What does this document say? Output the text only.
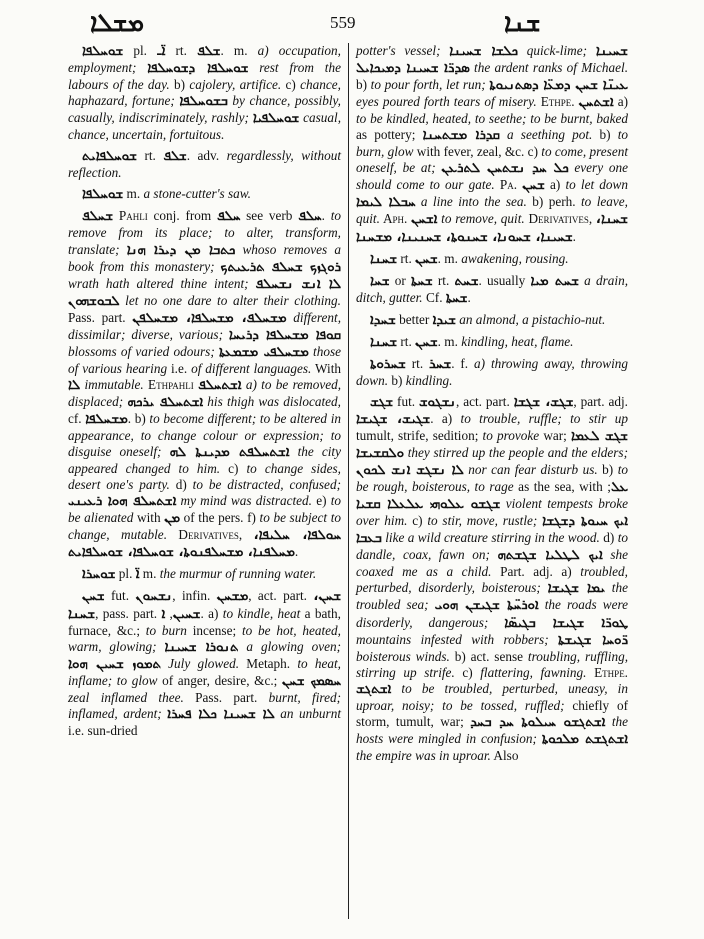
ܡܫܠܐ	559	ܫܢܐ

ܫܘܚܠܦܐ pl. ܐ̈ـ rt. ܫܠܦ. m. a) occupation, employment; ܫܘܚܠܦܐ ܕܫܘܚܠܦܐ rest from the labours of the day. b) cajolery, artifice. c) chance, haphazard, fortune; ܒܫܘܚܠܦܐ by chance, possibly, casually, indiscriminately, rashly; ܫܘܚܠܦܝܐ casual, chance, uncertain, fortuitous.

ܫܘܚܠܦܐܝܬ rt. ܫܠܦ. adv. regardlessly, without reflection.

ܫܘܚܠܦܐ m. a stone-cutter's saw.

ܫܚܠܦ Pahli conj. from ܚܠܦ see verb ܚܠܦ. to remove from its place; to alter, transform, translate; ܟܬܒܐ ܡܢ ܕܝܪܐ ܗܢܐ whoso removes a book from this monastery; ܪܘܓܙܟ ܫܚܠܦ ܬܪܥܝܬܟ wrath hath altered thine intent; ܠܐ ܐܢܫ ܢܫܚܠܦ ܠܒܘܫܗܘܢ let no one dare to alter their clothing. Pass. part. ܡܫܚܠܦ، ܡܫܚܠܦܐ، ܡܫܚܠܦܢ different, dissimilar; diverse, various; ܩܘܦܐ ܡܫܚܠܦܐ ܕܪܝܚܐ blossoms of varied odours; ܡܫܚܠܦܝ ܡܫܡܥܬܐ those of various hearing i.e. of different languages. With ܠܐ immutable. Ethpahli ܐܫܬܚܠܦ a) to be removed, displaced; ܐܫܬܚܠܦ ܝܪܟܗ his thigh was dislocated, cf. ܡܫܚܠܦܐ. b) to become different; to be altered in appearance, to change colour or expression; to disguise oneself; ܐܫܬܚܠܦܬ ܡܕܝܢܬܐ ܠܗ the city appeared changed to him. c) to change sides, desert one's party. d) to be distracted, confused; ܐܫܬܚܠܦ ܗܘܐ ܪܥܝܢܝ my mind was distracted. e) to be alienated with ܡܢ of the pers. f) to be subject to change, mutable. Derivatives, ܚܘܠܦܐ، ܚܠܝܦܐ، ܡܚܠܦܢܐ، ܡܫܚܠܦܢܘܬܐ، ܫܘܚܠܦܐ، ܫܘܚܠܦܐܝܬ.

ܫܘܚܪܐ pl. ܐ̈ m. the murmur of running water.

ܫܚܢ fut. ܢܫܚܘܢ, infin. ܡܫܚܢ, act. part. ܫܚܢ، ܫܚܢܐ, pass. part. ܫܚܝܢ, ܐ	. a) to kindle, heat a bath, furnace, &c.; to burn incense; to be hot, heated, warm, glowing; ܬܢܘܪܐ ܫܚܝܢܐ a glowing oven; ܬܡܘܙ ܫܚܝܢ ܗܘܐ July glowed. Metaph. to heat, inflame; to glow of anger, desire, &c.; ܚܣܡܟ ܫܚܢ zeal inflamed thee. Pass. part. burnt, fired; inflamed, ardent; ܠܐ ܫܚܝܢܐ ܟܠܐ ܦܚܪܐ an unburnt i.e. sun-dried

potter's vessel; ܟܠܫܐ ܫܚܝܢܐ quick-lime; ܫܚܝܢܐ ܣܕܪ̈ܐ ܫܚܝܢܐ ܕܡܝܟܐܝܠ the ardent ranks of Michael. b) to pour forth, let run; ܥܝܢ̈ܐ ܫܚܢ ܕܡܥ̈ܐ ܕܣܬܢܝܘܬܐ eyes poured forth tears of misery. Ethpe. ܐܫܬܚܢ a) to be kindled, heated, to seethe; to be burnt, baked as pottery; ܩܕܪܐ ܡܫܬܚܢܐ a seething pot. b) to burn, glow with fever, zeal, &c. c) to come, present oneself, be at; ܟܠ ܚܕ ܢܫܬܚܢ ܠܬܪܥܢ every one should come to our gate. Pa. ܫܚܢ a) to let down ܚܒܠܐ ܠܝܡܐ a line into the sea. b) perh. to leave, quit. Aph. ܐܫܚܢ to remove, quit. Derivatives, ܫܚܢܐ، ܫܚܝܢܐ، ܫܚܘܢܐ، ܫܚܢܘܬܐ، ܫܚܢܝܢܐ، ܡܫܚܢܐ.

ܫܚܢܐ rt. ܫܚܢ. m. awakening, rousing.

ܫܚܐ or ܫܚܬܐ rt. ܫܚܬ. usually ܫܚܬ ܡܝܐ a drain, ditch, gutter. Cf. ܫܚܬܐ.

ܫܚܕܐ better ܫܝܕܐ an almond, a pistachio-nut.

ܫܚܢܐ rt. ܫܚܢ. m. kindling, heat, flame.

ܫܚܪܘܬܐ rt. ܫܚܪ. f. a) throwing away, throwing down. b) kindling.

ܫܓܫ fut. ܢܫܓܘܫ, act. part. ܫܓܫ، ܫܓܫܐ, part. adj. ܫܓܝܫ، ܫܓܝܫܐ. a) to trouble, ruffle; to stir up tumult, strife, sedition; to provoke war; ܫܓܫ ܠܥܡܐ ܘܠܩܫܝܫܐ they stirred up the people and the elders; ܠܐ ܢܫܓܫ ܐܢܫ ܠܟܘܢ nor can fear disturb us. b) to be rough, boisterous, to rage as the sea, with ܥܠ; ܫܓܫܘ ܥܠܘܗܝ ܥܠܥܠܐ ܩܫܝܐ violent tempests broke over him. c) to stir, move, rustle; ܐܝܟ ܚܝܘܬܐ ܕܫܓܫܐ ܒܥܒܐ like a wild creature stirring in the wood. d) to dandle, coax, fawn on; ܐܝܟ ܠܛܠܝܐ ܫܓܫܬܗ she coaxed me as a child. Part. adj. a) troubled, perturbed, disorderly, boisterous; ܝܡܐ ܫܓܝܫܐ the troubled sea; ܐܘܪܚ̈ܬܐ ܫܓܝܫܢ ܗܘܝ the roads were disorderly, dangerous; ܛܘܪ̈ܐ ܫܓܝܫܐ ܒܓܝܣ̈ܐ mountains infested with robbers; ܪ̈ܘܚܐ ܫܓܝܫܬܐ boisterous winds. b) act. sense troubling, ruffling, stirring up strife. c) flattering, fawning. Ethpe. ܐܫܬܓܫ to be troubled, perturbed, uneasy, in uproar, noisy; to be tossed, ruffled; chiefly of storm, tumult, war; ܐܫܬܓܫܘ ܚܝܠܘܬܐ ܚܕ ܒܚܕ the hosts were mingled in confusion; ܐܫܬܓܫܬ ܡܠܟܘܬܐ the empire was in uproar. Also
